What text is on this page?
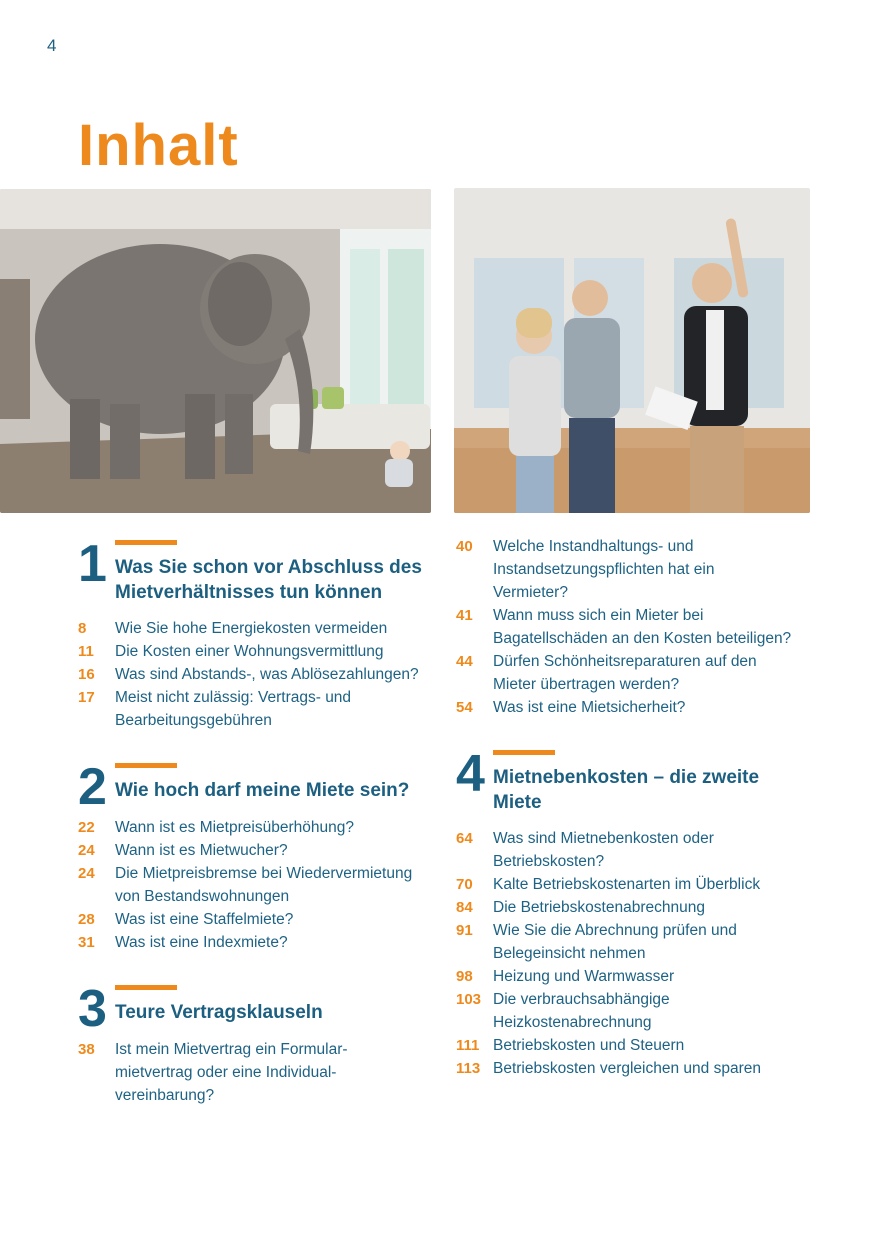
4
Inhalt
1 Was Sie schon vor Abschluss des Mietverhältnisses tun können
8 Wie Sie hohe Energiekosten vermeiden
11 Die Kosten einer Wohnungsvermittlung
16 Was sind Abstands-, was Ablösezahlungen?
17 Meist nicht zulässig: Vertrags- und Bearbeitungsgebühren
2 Wie hoch darf meine Miete sein?
22 Wann ist es Mietpreisüberhöhung?
24 Wann ist es Mietwucher?
24 Die Mietpreisbremse bei Wiedervermietung von Bestandswohnungen
28 Was ist eine Staffelmiete?
31 Was ist eine Indexmiete?
3 Teure Vertragsklauseln
38 Ist mein Mietvertrag ein Formularmietvertrag oder eine Individualvereinbarung?
40 Welche Instandhaltungs- und Instandsetzungspflichten hat ein Vermieter?
41 Wann muss sich ein Mieter bei Bagatellschäden an den Kosten beteiligen?
44 Dürfen Schönheitsreparaturen auf den Mieter übertragen werden?
54 Was ist eine Mietsicherheit?
4 Mietnebenkosten – die zweite Miete
64 Was sind Mietnebenkosten oder Betriebskosten?
70 Kalte Betriebskostenarten im Überblick
84 Die Betriebskostenabrechnung
91 Wie Sie die Abrechnung prüfen und Belegeinsicht nehmen
98 Heizung und Warmwasser
103 Die verbrauchsabhängige Heizkostenabrechnung
111 Betriebskosten und Steuern
113 Betriebskosten vergleichen und sparen
